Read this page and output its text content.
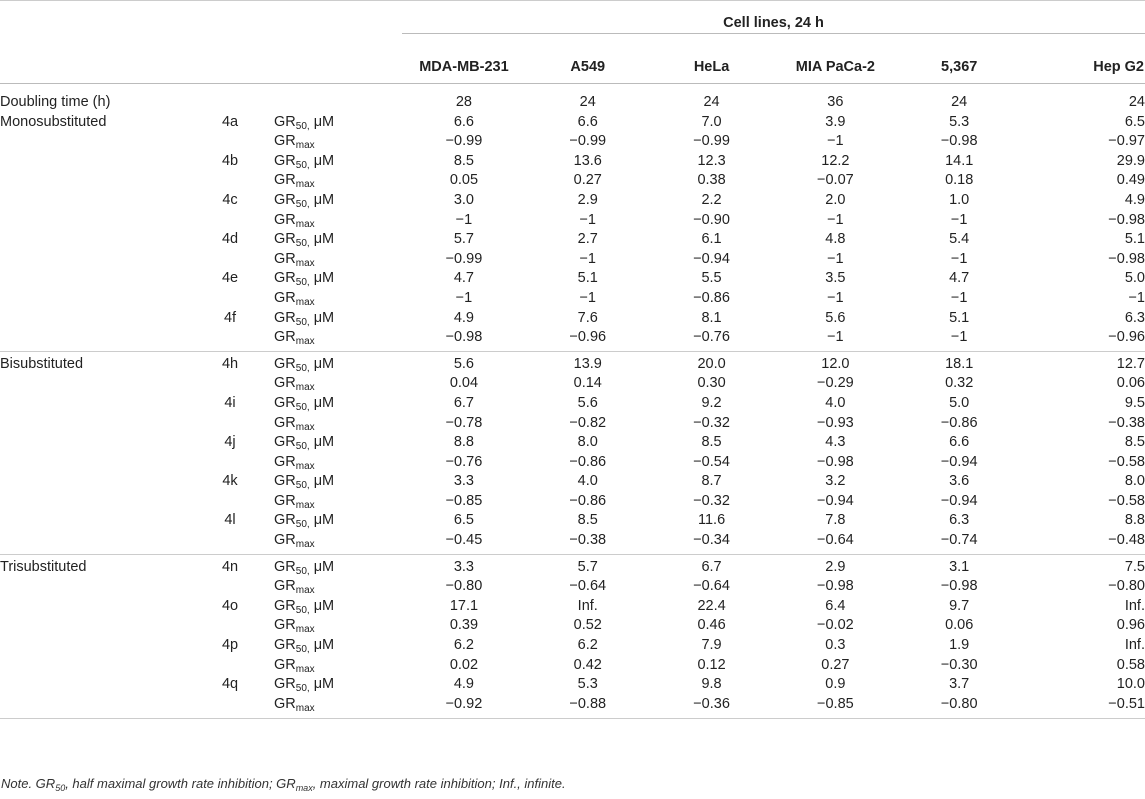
			Cell lines, 24 h					

			MDA-MB-231	A549	HeLa	MIA PaCa-2	5,367	Hep G2

Doubling time (h)			28	24	24	36	24	24
Monosubstituted	4a	$GR_{50,}$ μM	6.6	6.6	7.0	3.9	5.3	6.5
		$GR_{max}$	−0.99	−0.99	−0.99	−1	−0.98	−0.97
	4b	$GR_{50,}$ μM	8.5	13.6	12.3	12.2	14.1	29.9
		$GR_{max}$	0.05	0.27	0.38	−0.07	0.18	0.49
	4c	$GR_{50,}$ μM	3.0	2.9	2.2	2.0	1.0	4.9
		$GR_{max}$	−1	−1	−0.90	−1	−1	−0.98
	4d	$GR_{50,}$ μM	5.7	2.7	6.1	4.8	5.4	5.1
		$GR_{max}$	−0.99	−1	−0.94	−1	−1	−0.98
	4e	$GR_{50,}$ μM	4.7	5.1	5.5	3.5	4.7	5.0
		$GR_{max}$	−1	−1	−0.86	−1	−1	−1
	4f	$GR_{50,}$ μM	4.9	7.6	8.1	5.6	5.1	6.3
		$GR_{max}$	−0.98	−0.96	−0.76	−1	−1	−0.96
Bisubstituted	4h	$GR_{50,}$ μM	5.6	13.9	20.0	12.0	18.1	12.7
		$GR_{max}$	0.04	0.14	0.30	−0.29	0.32	0.06
	4i	$GR_{50,}$ μM	6.7	5.6	9.2	4.0	5.0	9.5
		$GR_{max}$	−0.78	−0.82	−0.32	−0.93	−0.86	−0.38
	4j	$GR_{50,}$ μM	8.8	8.0	8.5	4.3	6.6	8.5
		$GR_{max}$	−0.76	−0.86	−0.54	−0.98	−0.94	−0.58
	4k	$GR_{50,}$ μM	3.3	4.0	8.7	3.2	3.6	8.0
		$GR_{max}$	−0.85	−0.86	−0.32	−0.94	−0.94	−0.58
	4l	$GR_{50,}$ μM	6.5	8.5	11.6	7.8	6.3	8.8
		$GR_{max}$	−0.45	−0.38	−0.34	−0.64	−0.74	−0.48
Trisubstituted	4n	$GR_{50,}$ μM	3.3	5.7	6.7	2.9	3.1	7.5
		$GR_{max}$	−0.80	−0.64	−0.64	−0.98	−0.98	−0.80
	4o	$GR_{50,}$ μM	17.1	Inf.	22.4	6.4	9.7	Inf.
		$GR_{max}$	0.39	0.52	0.46	−0.02	0.06	0.96
	4p	$GR_{50,}$ μM	6.2	6.2	7.9	0.3	1.9	Inf.
		$GR_{max}$	0.02	0.42	0.12	0.27	−0.30	0.58
	4q	$GR_{50,}$ μM	4.9	5.3	9.8	0.9	3.7	10.0
		$GR_{max}$	−0.92	−0.88	−0.36	−0.85	−0.80	−0.51

Note. $GR_{50}$, half maximal growth rate inhibition; $GR_{max}$, maximal growth rate inhibition; Inf., infinite.
